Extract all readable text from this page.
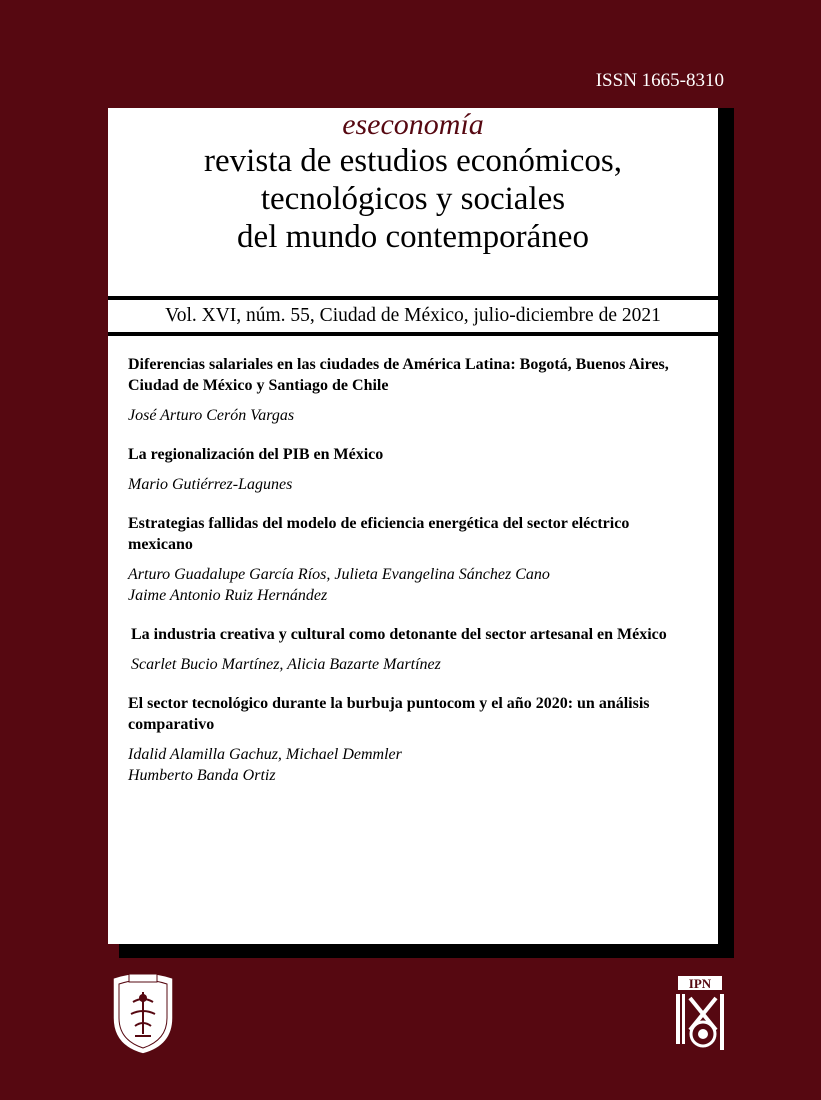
ISSN 1665-8310
eseconomía
revista de estudios económicos,
tecnológicos y sociales
del mundo contemporáneo
Vol. XVI, núm. 55, Ciudad de México, julio-diciembre de 2021
Diferencias salariales en las ciudades de América Latina: Bogotá, Buenos Aires, Ciudad de México y Santiago de Chile
José Arturo Cerón Vargas
La regionalización del PIB en México
Mario Gutiérrez-Lagunes
Estrategias fallidas del modelo de eficiencia energética del sector eléctrico mexicano
Arturo Guadalupe García Ríos, Julieta Evangelina Sánchez Cano
Jaime Antonio Ruiz Hernández
La industria creativa y cultural como detonante del sector artesanal en México
Scarlet Bucio Martínez, Alicia Bazarte Martínez
El sector tecnológico durante la burbuja puntocom y el año 2020: un análisis comparativo
Idalid Alamilla Gachuz, Michael Demmler
Humberto Banda Ortiz
IPN
